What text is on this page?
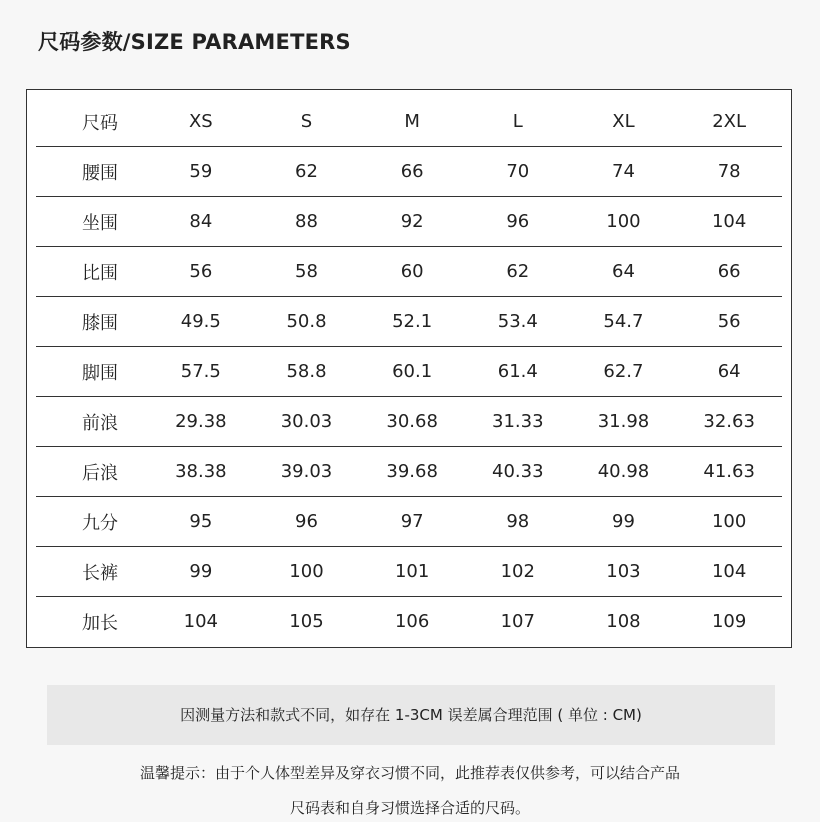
尺码参数/SIZE PARAMETERS
尺码	XS	S	M	L	XL	2XL
腰围	59	62	66	70	74	78
坐围	84	88	92	96	100	104
比围	56	58	60	62	64	66
膝围	49.5	50.8	52.1	53.4	54.7	56
脚围	57.5	58.8	60.1	61.4	62.7	64
前浪	29.38	30.03	30.68	31.33	31.98	32.63
后浪	38.38	39.03	39.68	40.33	40.98	41.63
九分	95	96	97	98	99	100
长裤	99	100	101	102	103	104
加长	104	105	106	107	108	109
因测量方法和款式不同，如存在 1-3CM 误差属合理范围 ( 单位 : CM)
温馨提示：由于个人体型差异及穿衣习惯不同，此推荐表仅供参考，可以结合产品
尺码表和自身习惯选择合适的尺码。
